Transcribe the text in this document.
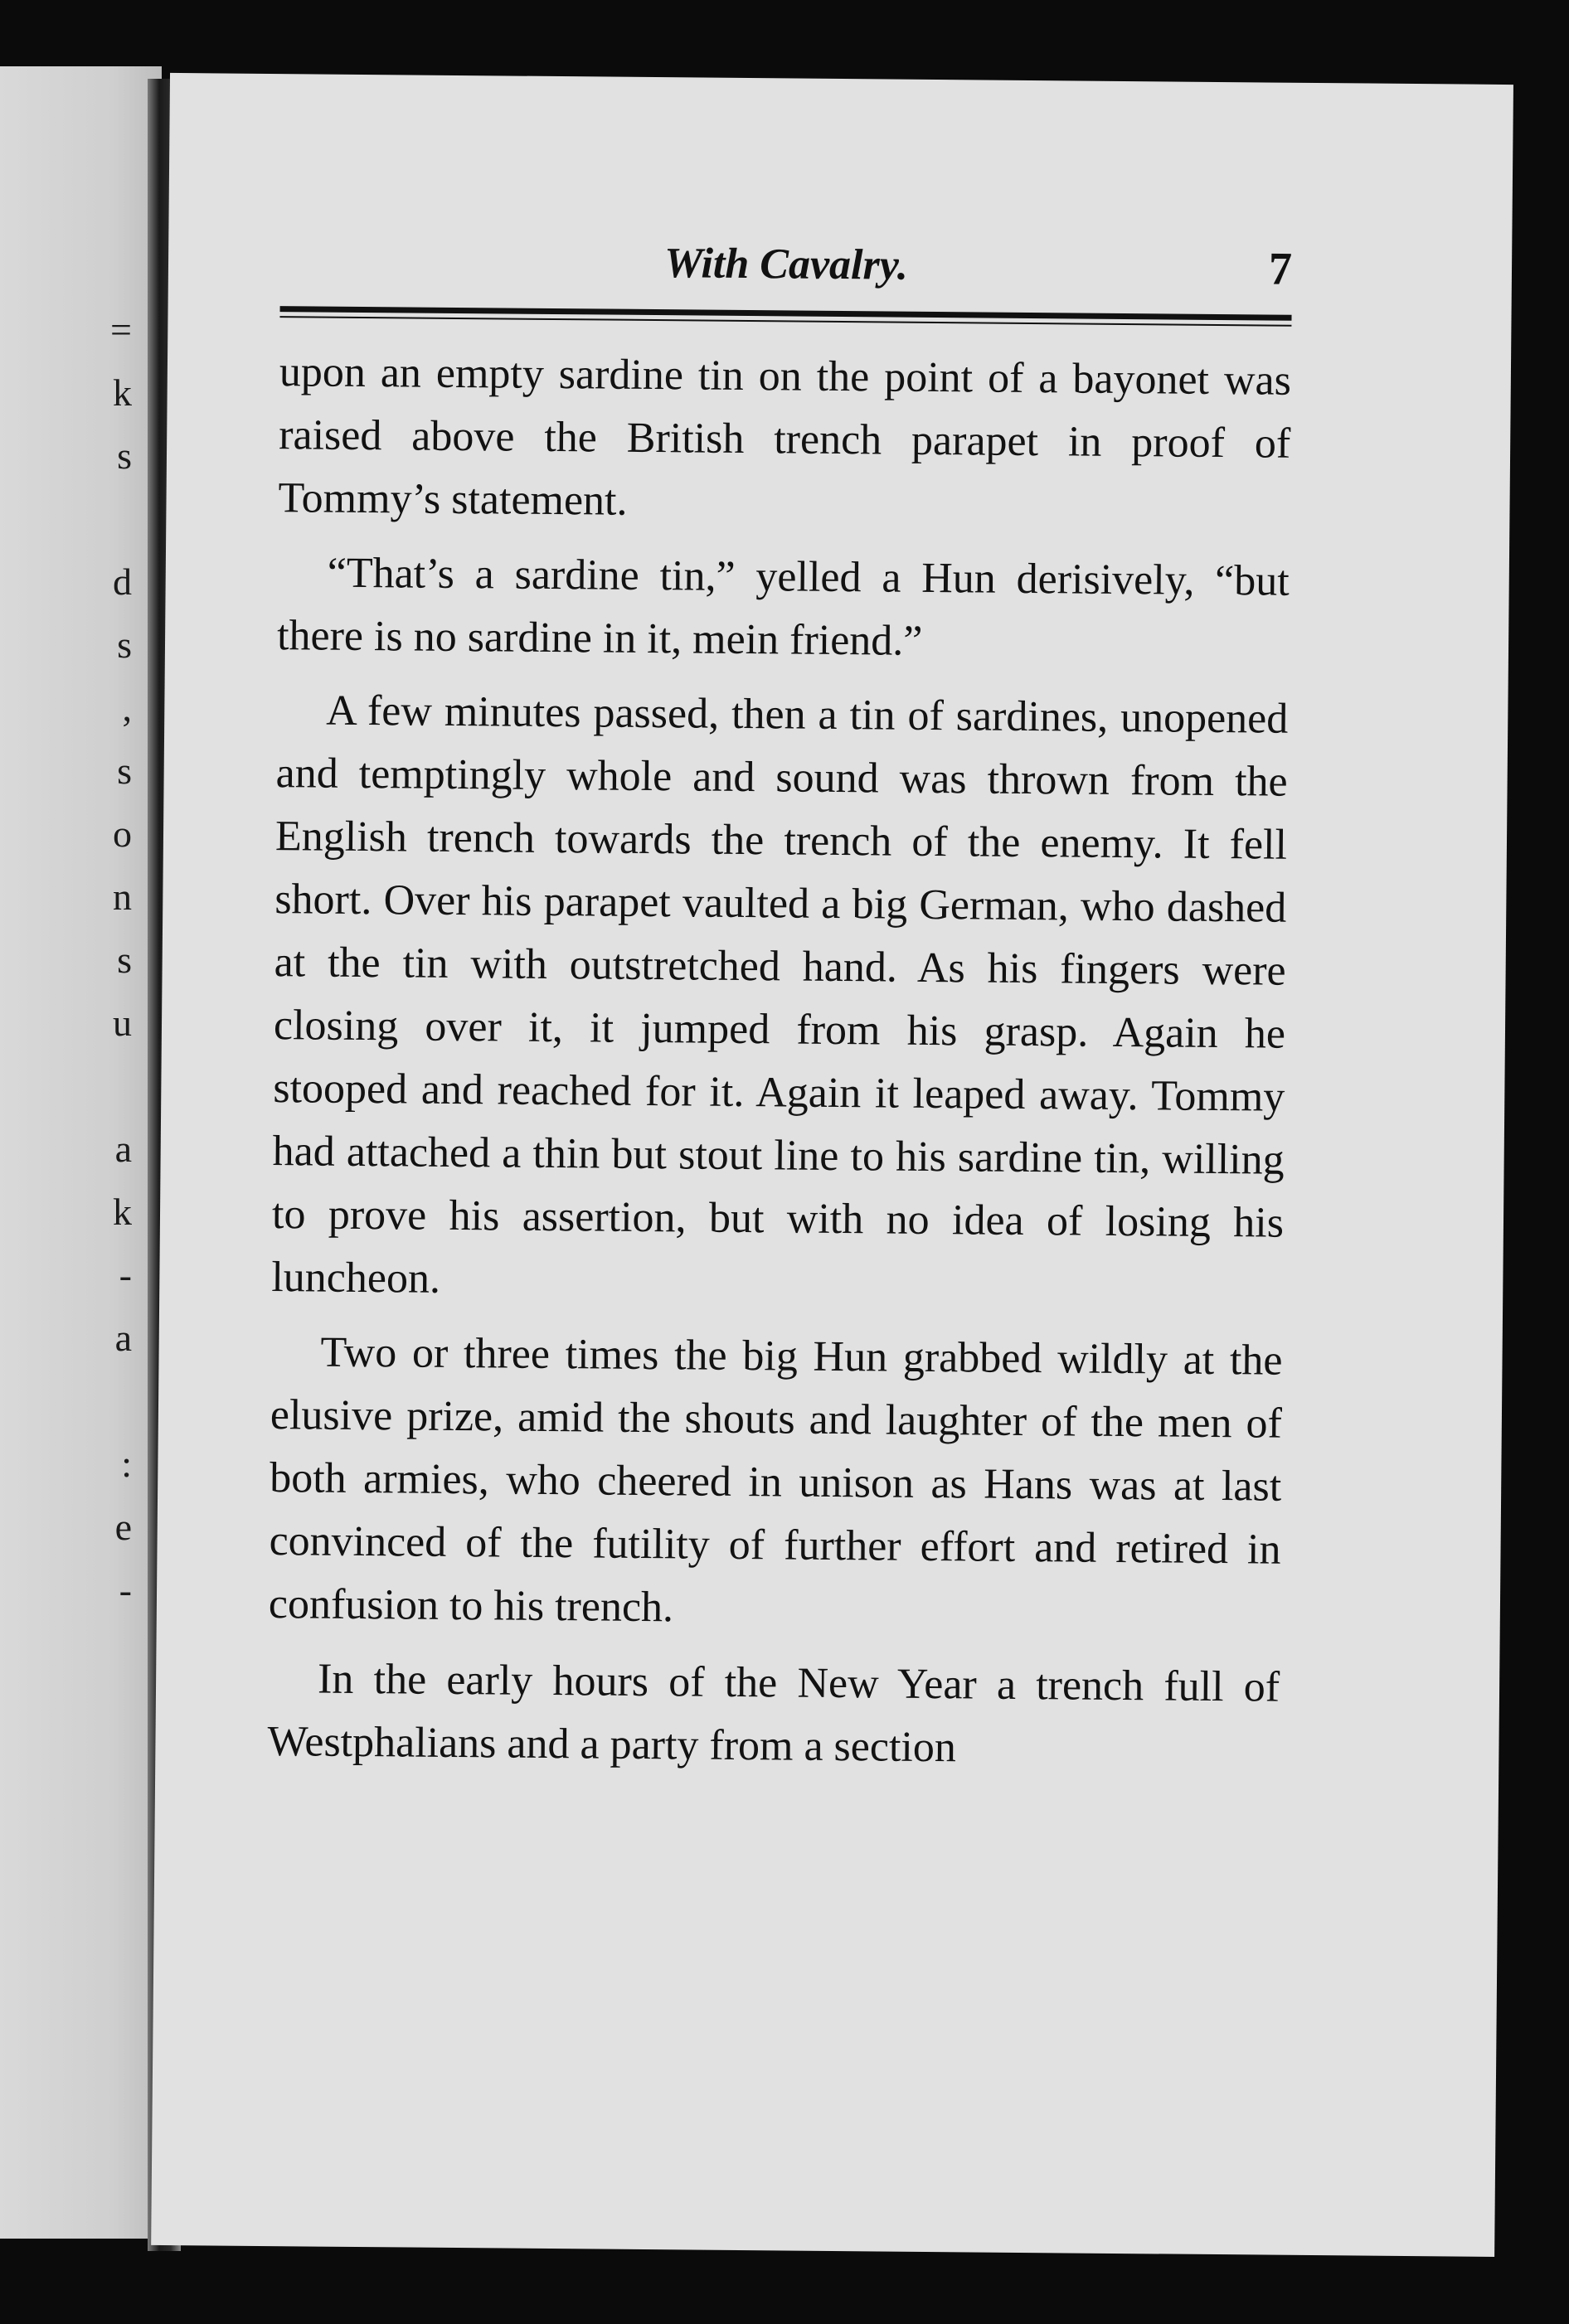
=
k
s
d
s
,
s
o
n
s
u
a
k
-
a
:
e
-
With Cavalry.	7

upon an empty sardine tin on the point of a bayonet was raised above the British trench parapet in proof of Tommy’s statement.

“That’s a sardine tin,” yelled a Hun derisively, “but there is no sardine in it, mein friend.”

A few minutes passed, then a tin of sardines, unopened and temptingly whole and sound was thrown from the English trench towards the trench of the enemy. It fell short. Over his parapet vaulted a big German, who dashed at the tin with outstretched hand. As his fingers were closing over it, it jumped from his grasp. Again he stooped and reached for it. Again it leaped away. Tommy had attached a thin but stout line to his sardine tin, willing to prove his assertion, but with no idea of losing his luncheon.

Two or three times the big Hun grabbed wildly at the elusive prize, amid the shouts and laughter of the men of both armies, who cheered in unison as Hans was at last convinced of the futility of further effort and retired in confusion to his trench.

In the early hours of the New Year a trench full of Westphalians and a party from a section
